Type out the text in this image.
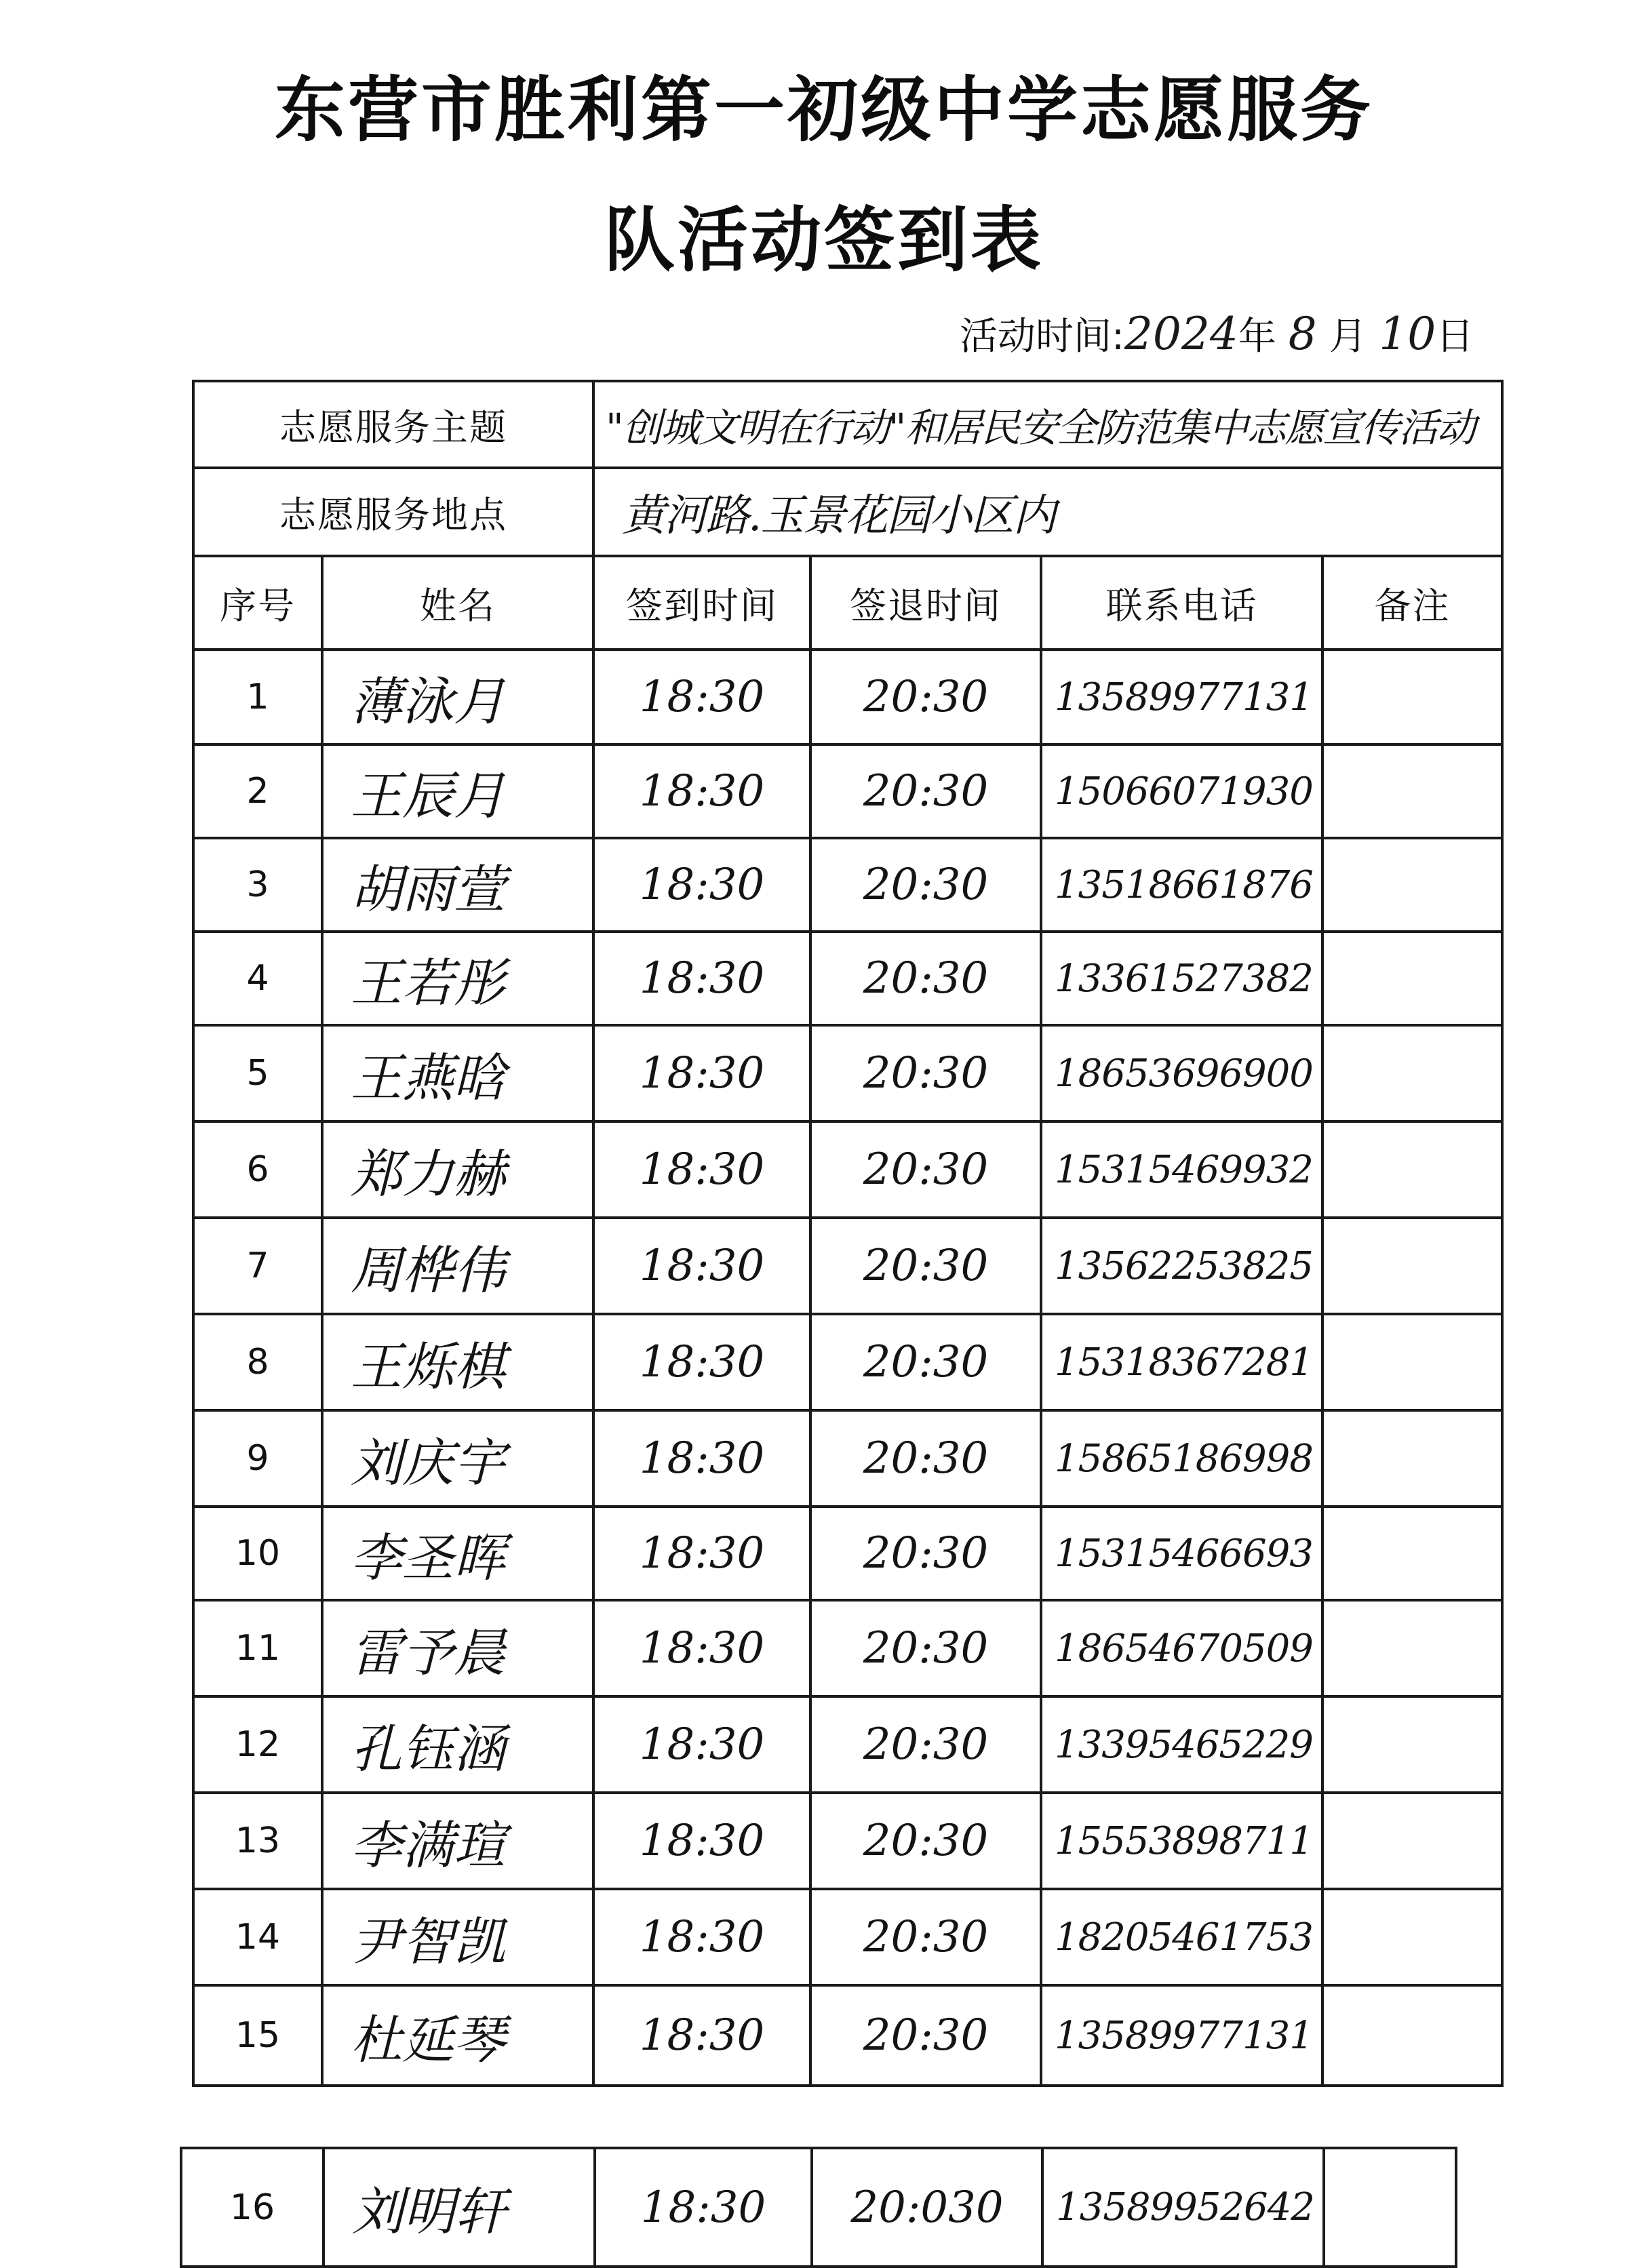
东营市胜利第一初级中学志愿服务
队活动签到表
活动时间:2024年 8 月 10日
志愿服务主题		"创城文明在行动"和居民安全防范集中志愿宣传活动			
志愿服务地点		黄河路.玉景花园小区内			
序号	姓名	签到时间	签退时间	联系电话	备注
1	薄泳月	18:30	20:30	13589977131	
2	王辰月	18:30	20:30	15066071930	
3	胡雨萱	18:30	20:30	13518661876	
4	王若彤	18:30	20:30	13361527382	
5	王燕晗	18:30	20:30	18653696900	
6	郑力赫	18:30	20:30	15315469932	
7	周桦伟	18:30	20:30	13562253825	
8	王烁棋	18:30	20:30	15318367281	
9	刘庆宇	18:30	20:30	15865186998	
10	李圣晖	18:30	20:30	15315466693	
11	雷予晨	18:30	20:30	18654670509	
12	孔钰涵	18:30	20:30	13395465229	
13	李满瑄	18:30	20:30	15553898711	
14	尹智凯	18:30	20:30	18205461753	
15	杜延琴	18:30	20:30	13589977131	
16	刘明轩	18:30	20:030	13589952642	
